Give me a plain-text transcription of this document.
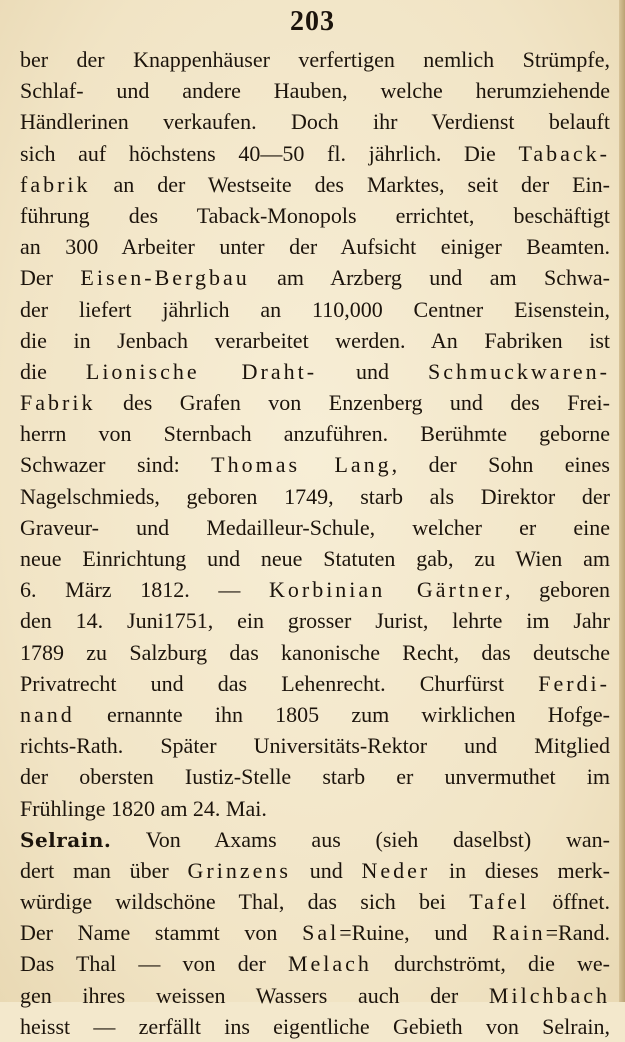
203
ber der Knappenhäuser verfertigen nemlich Strümpfe,
Schlaf- und andere Hauben, welche herumziehende
Händlerinen verkaufen. Doch ihr Verdienst belauft
sich auf höchstens 40—50 fl. jährlich. Die Taback-
fabrik an der Westseite des Marktes, seit der Ein-
führung des Taback-Monopols errichtet, beschäftigt
an 300 Arbeiter unter der Aufsicht einiger Beamten.
Der Eisen-Bergbau am Arzberg und am Schwa-
der liefert jährlich an 110,000 Centner Eisenstein,
die in Jenbach verarbeitet werden. An Fabriken ist
die Lionische Draht- und Schmuckwaren-
Fabrik des Grafen von Enzenberg und des Frei-
herrn von Sternbach anzuführen. Berühmte geborne
Schwazer sind: Thomas Lang, der Sohn eines
Nagelschmieds, geboren 1749, starb als Direktor der
Graveur- und Medailleur-Schule, welcher er eine
neue Einrichtung und neue Statuten gab, zu Wien am
6. März 1812. — Korbinian Gärtner, geboren
den 14. Juni1751, ein grosser Jurist, lehrte im Jahr
1789 zu Salzburg das kanonische Recht, das deutsche
Privatrecht und das Lehenrecht. Churfürst Ferdi-
nand ernannte ihn 1805 zum wirklichen Hofge-
richts-Rath. Später Universitäts-Rektor und Mitglied
der obersten Iustiz-Stelle starb er unvermuthet im
Frühlinge 1820 am 24. Mai.
Selrain. Von Axams aus (sieh daselbst) wan-
dert man über Grinzens und Neder in dieses merk-
würdige wildschöne Thal, das sich bei Tafel öffnet.
Der Name stammt von Sal=Ruine, und Rain=Rand.
Das Thal — von der Melach durchströmt, die we-
gen ihres weissen Wassers auch der Milchbach
heisst — zerfällt ins eigentliche Gebieth von Selrain,
